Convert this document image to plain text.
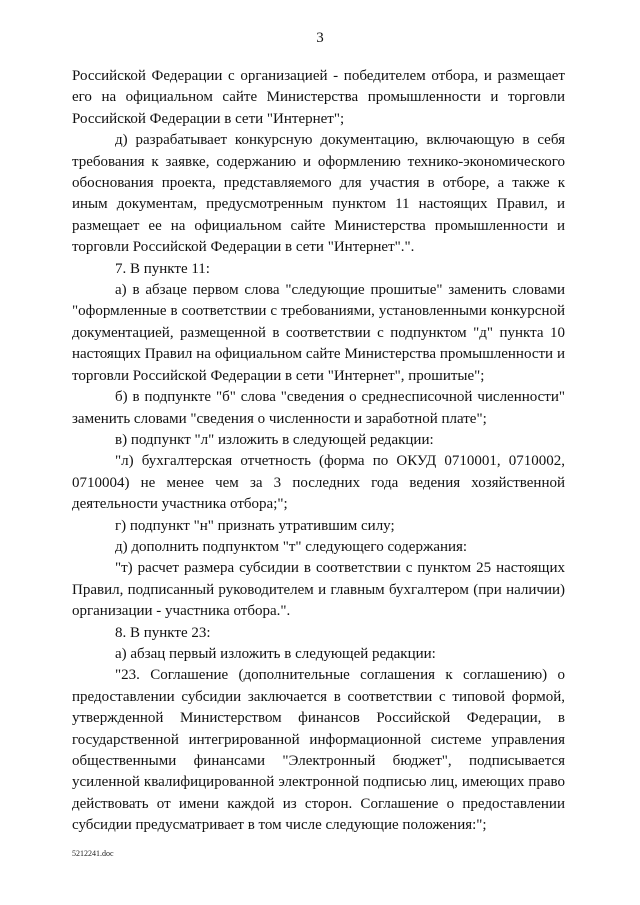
3

Российской Федерации с организацией - победителем отбора, и размещает его на официальном сайте Министерства промышленности и торговли Российской Федерации в сети "Интернет";

д) разрабатывает конкурсную документацию, включающую в себя требования к заявке, содержанию и оформлению технико-экономического обоснования проекта, представляемого для участия в отборе, а также к иным документам, предусмотренным пунктом 11 настоящих Правил, и размещает ее на официальном сайте Министерства промышленности и торговли Российской Федерации в сети "Интернет".".

7. В пункте 11:

а) в абзаце первом слова "следующие прошитые" заменить словами "оформленные в соответствии с требованиями, установленными конкурсной документацией, размещенной в соответствии с подпунктом "д" пункта 10 настоящих Правил на официальном сайте Министерства промышленности и торговли Российской Федерации в сети "Интернет", прошитые";

б) в подпункте "б" слова "сведения о среднесписочной численности" заменить словами "сведения о численности и заработной плате";

в) подпункт "л" изложить в следующей редакции:

"л) бухгалтерская отчетность (форма по ОКУД 0710001, 0710002, 0710004) не менее чем за 3 последних года ведения хозяйственной деятельности участника отбора;";

г) подпункт "н" признать утратившим силу;

д) дополнить подпунктом "т" следующего содержания:

"т) расчет размера субсидии в соответствии с пунктом 25 настоящих Правил, подписанный руководителем и главным бухгалтером (при наличии) организации - участника отбора.".

8. В пункте 23:

а) абзац первый изложить в следующей редакции:

"23. Соглашение (дополнительные соглашения к соглашению) о предоставлении субсидии заключается в соответствии с типовой формой, утвержденной Министерством финансов Российской Федерации, в государственной интегрированной информационной системе управления общественными финансами "Электронный бюджет", подписывается усиленной квалифицированной электронной подписью лиц, имеющих право действовать от имени каждой из сторон. Соглашение о предоставлении субсидии предусматривает в том числе следующие положения:";

5212241.doc
